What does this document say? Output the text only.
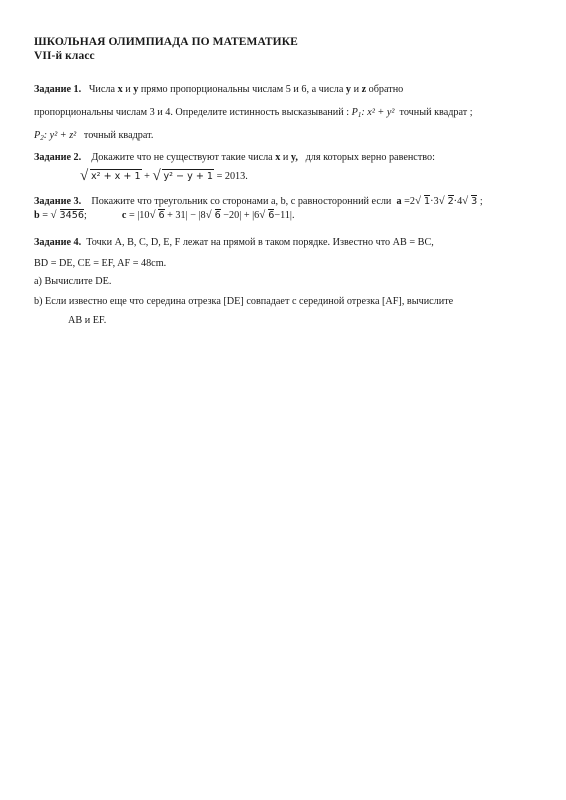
ШКОЛЬНАЯ ОЛИМПИАДА ПО МАТЕМАТИКЕ
VII-й класс
Задание 1. Числа x и y прямо пропорциональны числам 5 и 6, а числа y и z обратно
пропорциональны числам 3 и 4. Определите истинность высказываний : $P_1$: x² + y² точный квадрат ;
$P_2$: y² + z² точный квадрат.
Задание 2. Докажите что не существуют такие числа x и y, для которых верно равенство:
√ x² + x + 1 + √ y² − y + 1 = 2013.
Задание 3. Покажите что треугольник со сторонами a, b, c равносторонний если a =2 √ 1·3 √ 2·4 √ 3 ;
b = √ 3456;	c = |10 √ 6 + 31| − |8 √ 6 −20| + |6 √ 6−11|.
Задание 4. Точки A, B, C, D, E, F лежат на прямой в таком порядке. Известно что AB = BC,
BD = DE, CE = EF, AF = 48cm.
a) Вычислите DE.
b) Если известно еще что середина отрезка [DE] совпадает с серединой отрезка [AF], вычислите
AB и EF.
